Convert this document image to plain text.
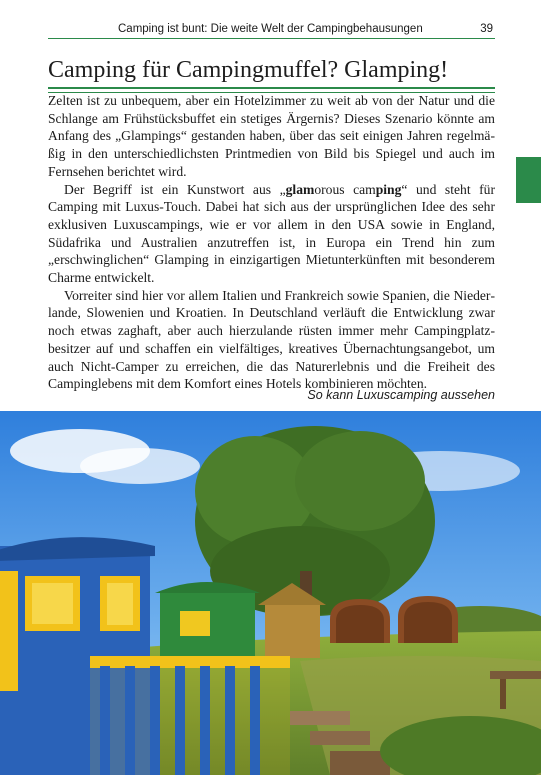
Camping ist bunt: Die weite Welt der Campingbehausungen	39
Camping für Campingmuffel? Glamping!

Zelten ist zu unbequem, aber ein Hotelzimmer zu weit ab von der Natur und die Schlange am Frühstücksbuffet ein stetiges Ärgernis? Dieses Szenario könnte am Anfang des „Glampings“ gestanden haben, über das seit einigen Jahren regelmäßig in den unterschiedlichsten Printmedien von Bild bis Spiegel und auch im Fernsehen berichtet wird.

Der Begriff ist ein Kunstwort aus „glamorous camping“ und steht für Camping mit Luxus-Touch. Dabei hat sich aus der ursprünglichen Idee des sehr exklusiven Luxuscampings, wie er vor allem in den USA sowie in England, Südafrika und Australien anzutreffen ist, in Europa ein Trend hin zum „erschwinglichen“ Glamping in einzigartigen Mietunterkünften mit besonderem Charme entwickelt.

Vorreiter sind hier vor allem Italien und Frankreich sowie Spanien, die Niederlande, Slowenien und Kroatien. In Deutschland verläuft die Entwicklung zwar noch etwas zaghaft, aber auch hierzulande rüsten immer mehr Campingplatzbesitzer auf und schaffen ein vielfältiges, kreatives Übernachtungsangebot, um auch Nicht-Camper zu erreichen, die das Naturerlebnis und die Freiheit des Campinglebens mit dem Komfort eines Hotels kombinieren möchten.

So kann Luxuscamping aussehen
